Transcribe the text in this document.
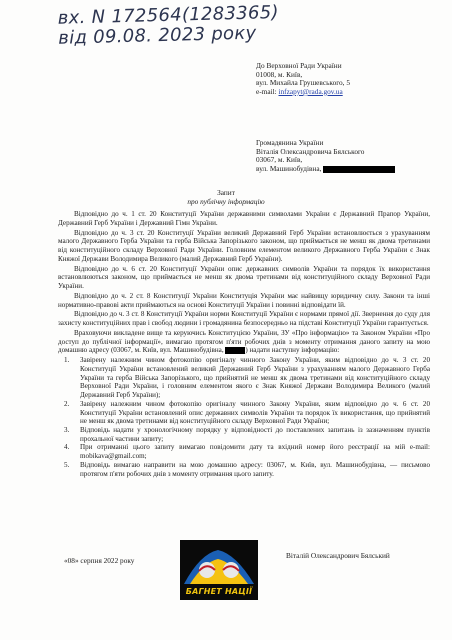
вх. N 172564(1283365)
від 09.08. 2023 року
До Верховної Ради України
01008, м. Київ,
вул. Михайла Грушевського, 5
e-mail: infzapyt@rada.gov.ua
Громадянина України
Віталія Олександровича Бялського
03067, м. Київ,
вул. Машинобудівна,
Запит
про публічну інформацію

Відповідно до ч. 1 ст. 20 Конституції України державними символами України є Державний Прапор України, Державний Герб України і Державний Гімн України.

Відповідно до ч. 3 ст. 20 Конституції України великий Державний Герб України встановлюється з урахуванням малого Державного Герба України та герба Війська Запорізького законом, що приймається не менш як двома третинами від конституційного складу Верховної Ради України. Головним елементом великого Державного Герба України є Знак Княжої Держави Володимира Великого (малий Державний Герб України).

Відповідно до ч. 6 ст. 20 Конституції України опис державних символів України та порядок їх використання встановлюються законом, що приймається не менш як двома третинами від конституційного складу Верховної Ради України.

Відповідно до ч. 2 ст. 8 Конституції України Конституція України має найвищу юридичну силу. Закони та інші нормативно-правові акти приймаються на основі Конституції України і повинні відповідати їй.

Відповідно до ч. 3 ст. 8 Конституції України норми Конституції України є нормами прямої дії. Звернення до суду для захисту конституційних прав і свобод людини і громадянина безпосередньо на підставі Конституції України гарантується.

Враховуючи викладене вище та керуючись Конституцією України, ЗУ «Про інформацію» та Законом України «Про доступ до публічної інформації», вимагаю протягом п'яти робочих днів з моменту отримання даного запиту на мою домашню адресу (03067, м. Київ, вул. Машинобудівна,	) надати наступну інформацію:

1. Завірену належним чином фотокопію оригіналу чинного Закону України, яким відповідно до ч. 3 ст. 20 Конституції України встановлений великий Державний Герб України з урахуванням малого Державного Герба України та герба Війська Запорізького, що прийнятий не менш як двома третинами від конституційного складу Верховної Ради України, і головним елементом якого є Знак Княжої Держави Володимира Великого (малий Державний Герб України);
2. Завірену належним чином фотокопію оригіналу чинного Закону України, яким відповідно до ч. 6 ст. 20 Конституції України встановлений опис державних символів України та порядок їх використання, що прийнятий не менш як двома третинами від конституційного складу Верховної Ради України;
3. Відповідь надати у хронологічному порядку у відповідності до поставлених запитань із зазначенням пунктів прохальної частини запиту;
4. При отриманні цього запиту вимагаю повідомити дату та вхідний номер його реєстрації на мій e-mail: mobikava@gmail.com;
5. Відповідь вимагаю направити на мою домашню адресу: 03067, м. Київ, вул. Машинобудівна, — письмово протягом п'яти робочих днів з моменту отримання цього запиту.
«08» серпня 2022 року
БАГНЕТ НАЦІЇ
Віталій Олександрович Бялський
